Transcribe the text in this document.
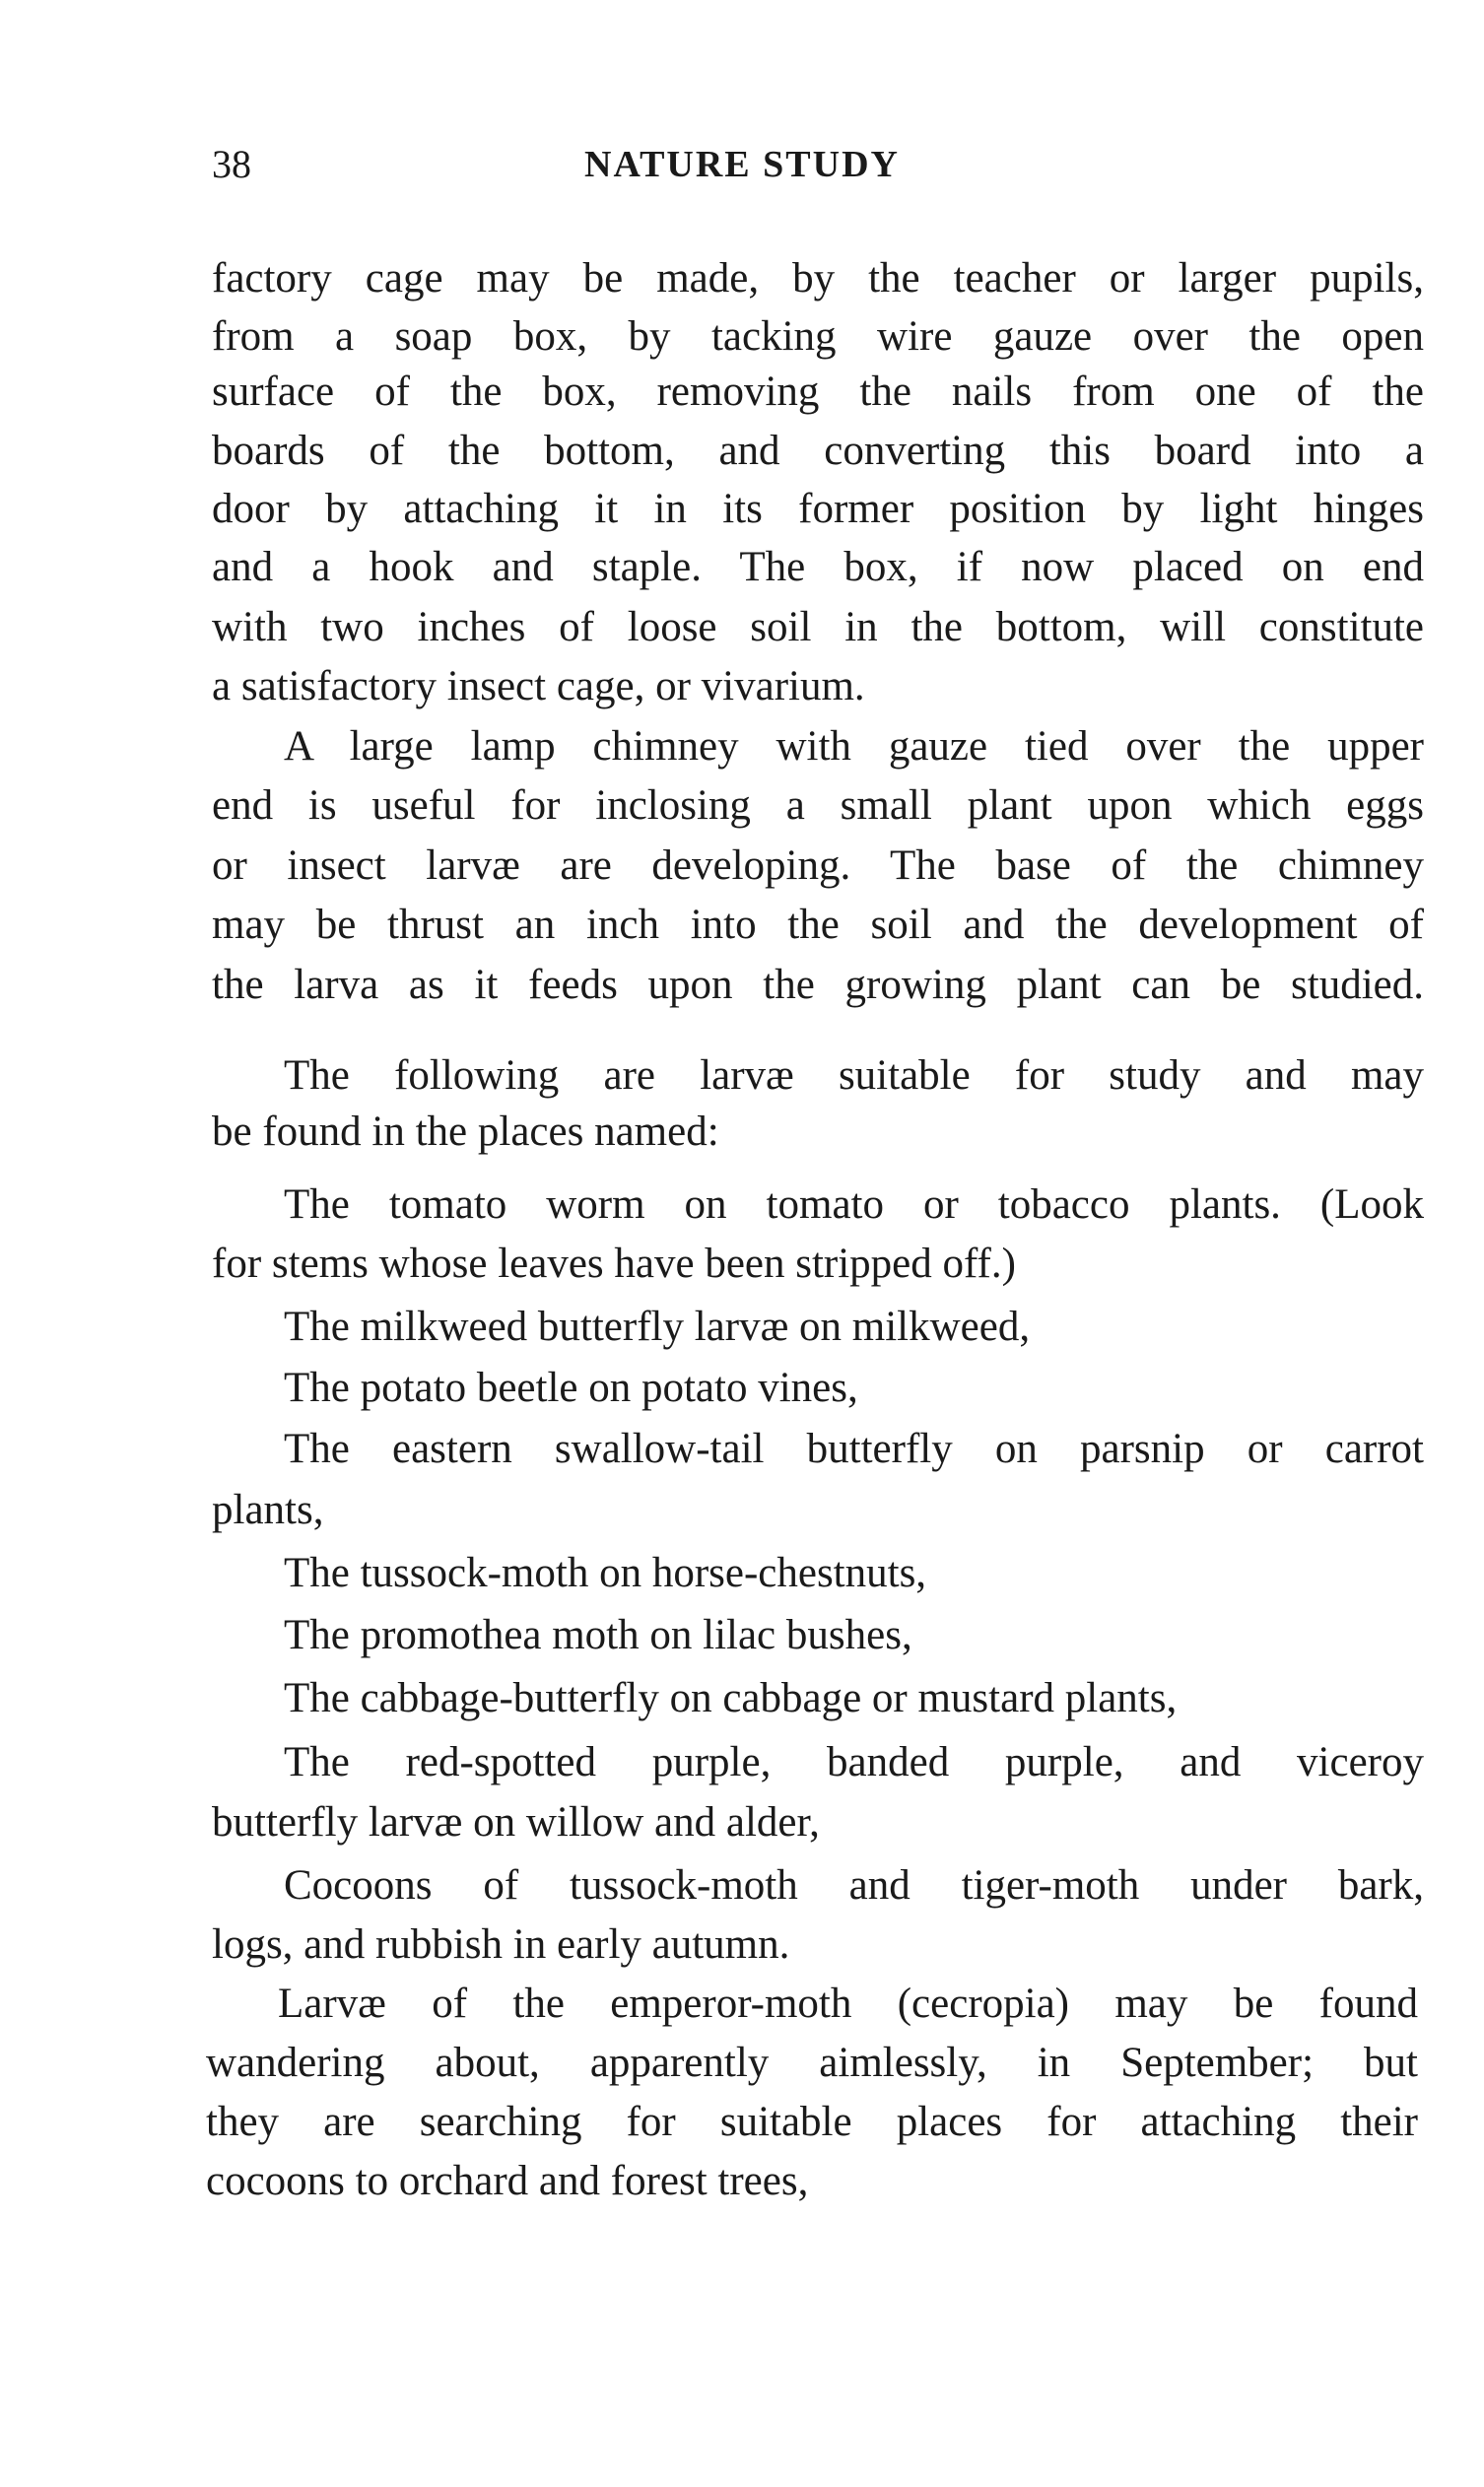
38	NATURE STUDY
factory cage may be made, by the teacher or larger pupils,
from a soap box, by tacking wire gauze over the open
surface of the box, removing the nails from one of the
boards of the bottom, and converting this board into a
door by attaching it in its former position by light hinges
and a hook and staple. The box, if now placed on end
with two inches of loose soil in the bottom, will constitute
a satisfactory insect cage, or vivarium.
A large lamp chimney with gauze tied over the upper
end is useful for inclosing a small plant upon which eggs
or insect larvæ are developing. The base of the chimney
may be thrust an inch into the soil and the development of
the larva as it feeds upon the growing plant can be studied.
The following are larvæ suitable for study and may
be found in the places named:
The tomato worm on tomato or tobacco plants. (Look
for stems whose leaves have been stripped off.)
The milkweed butterfly larvæ on milkweed,
The potato beetle on potato vines,
The eastern swallow-tail butterfly on parsnip or carrot
plants,
The tussock-moth on horse-chestnuts,
The promothea moth on lilac bushes,
The cabbage-butterfly on cabbage or mustard plants,
The red-spotted purple, banded purple, and viceroy
butterfly larvæ on willow and alder,
Cocoons of tussock-moth and tiger-moth under bark,
logs, and rubbish in early autumn.
Larvæ of the emperor-moth (cecropia) may be found
wandering about, apparently aimlessly, in September; but
they are searching for suitable places for attaching their
cocoons to orchard and forest trees,
